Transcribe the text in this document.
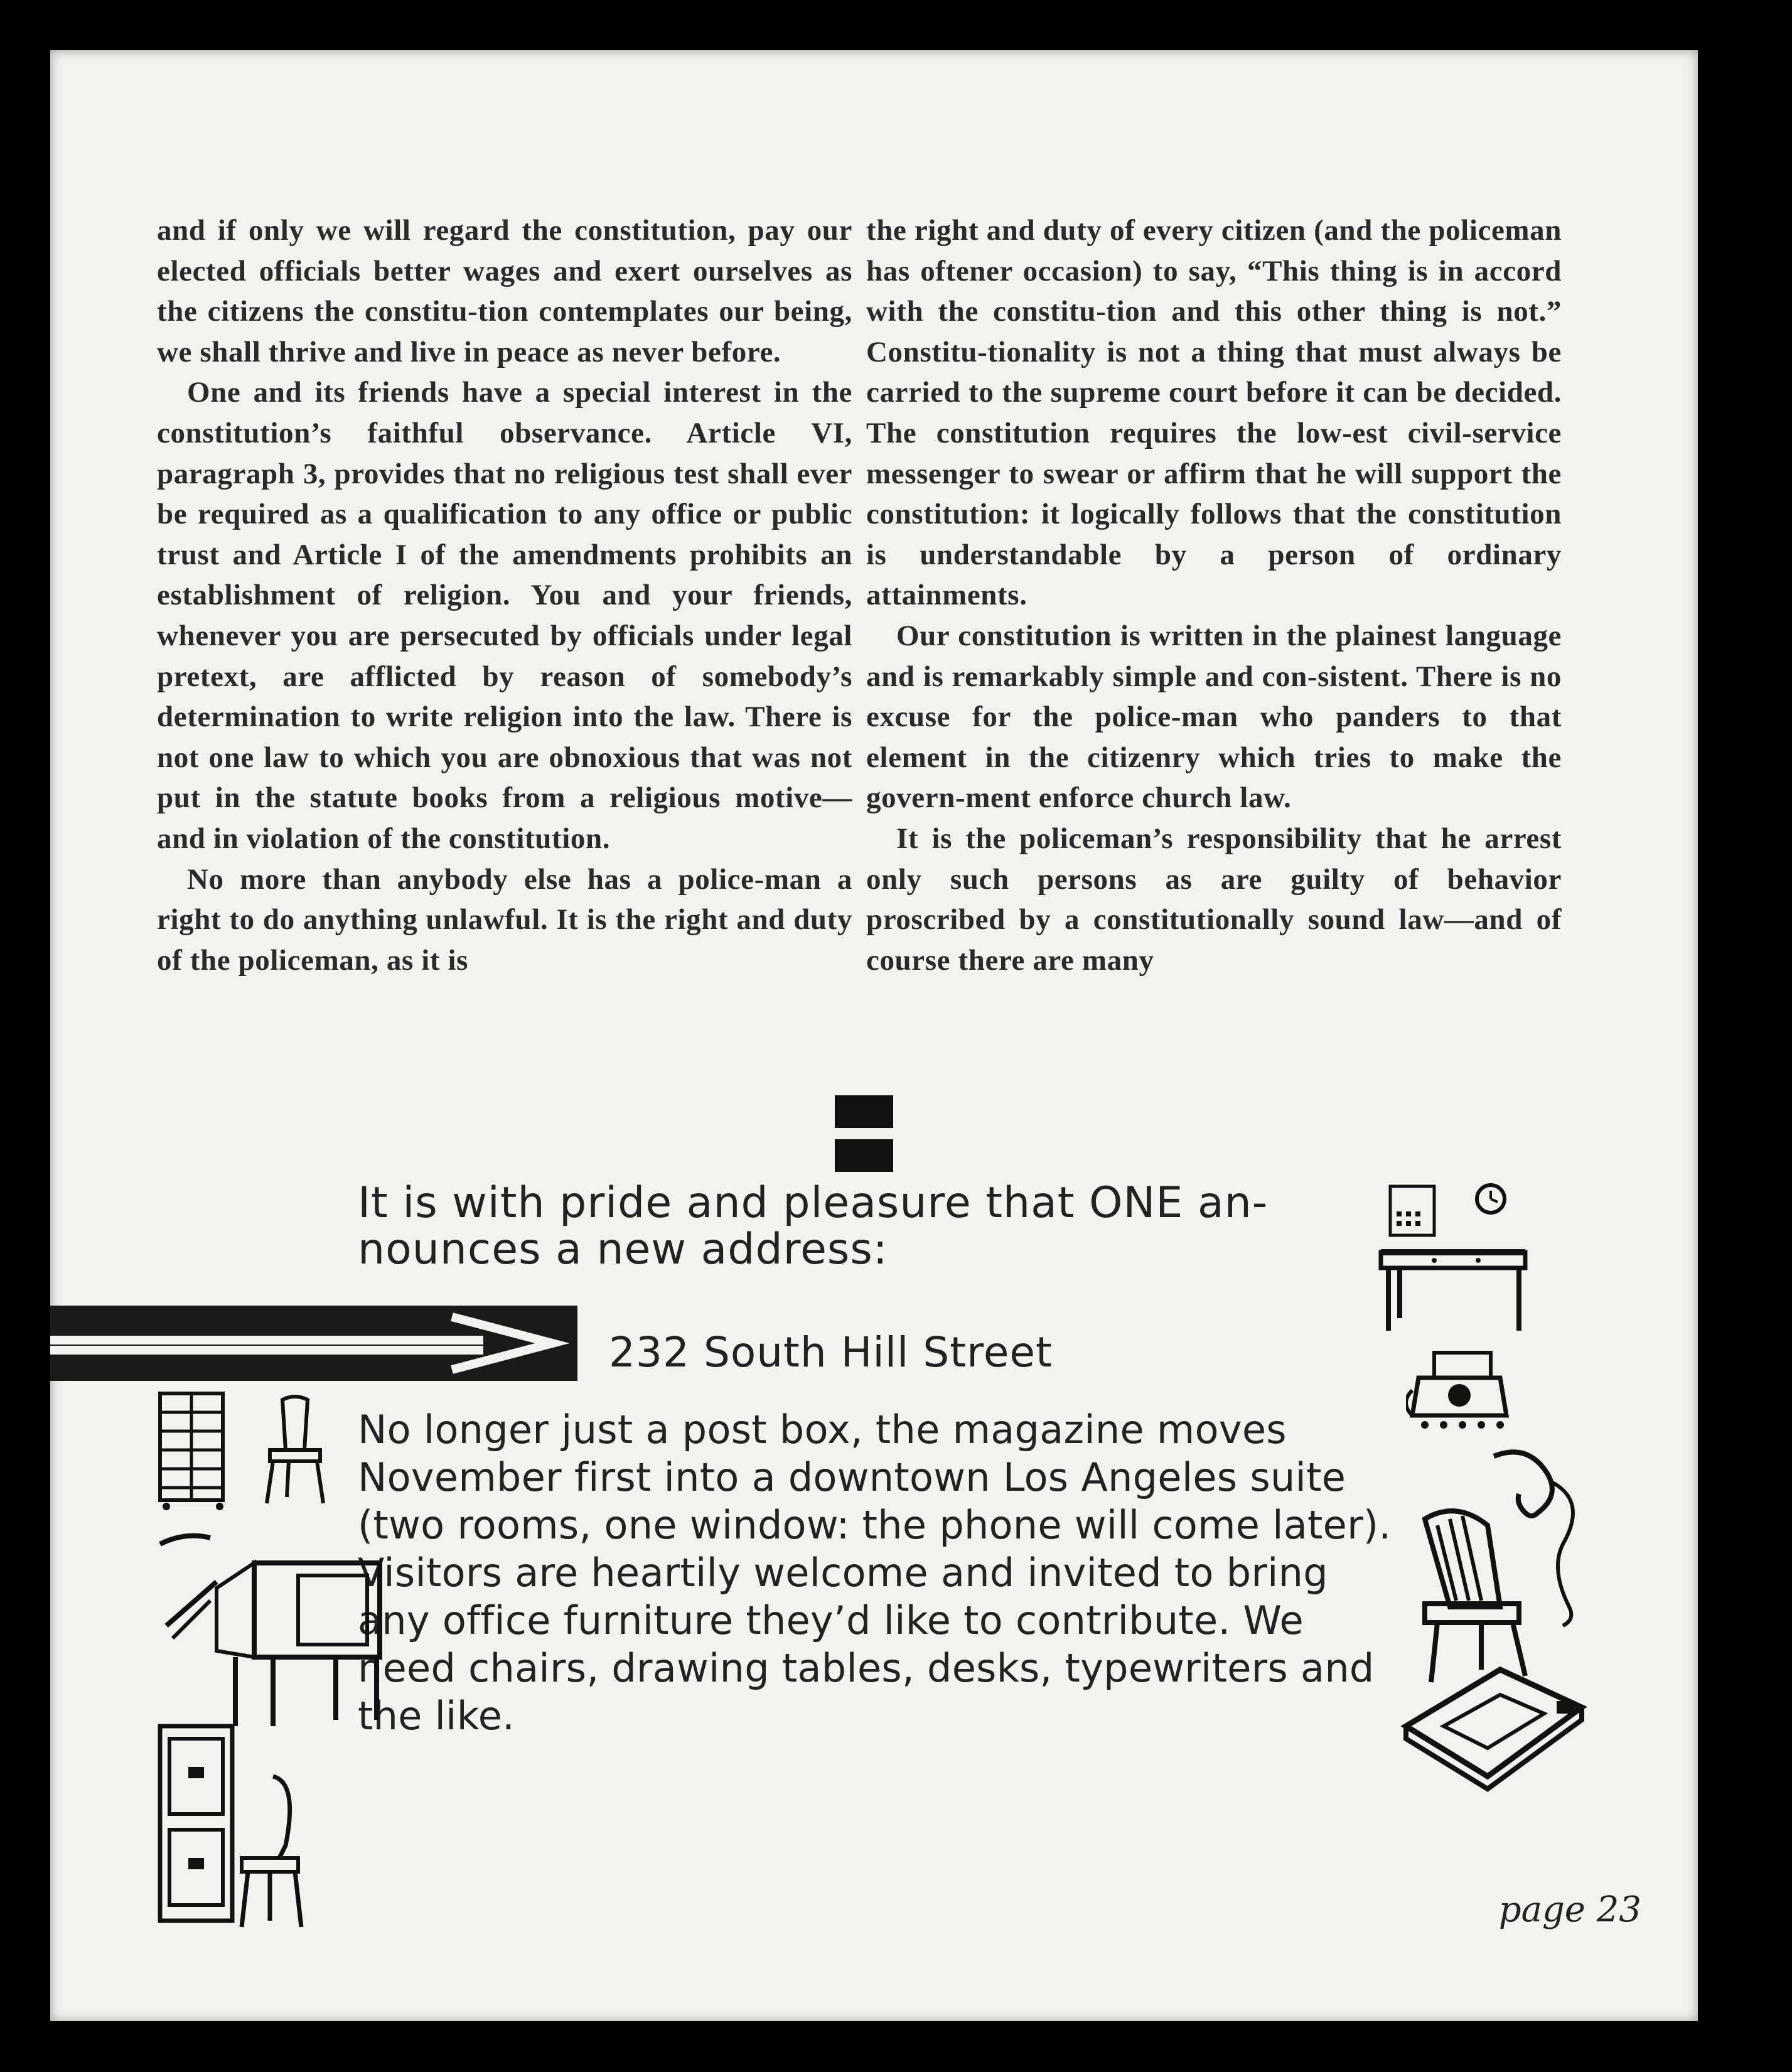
and if only we will regard the constitution, pay our elected officials better wages and exert ourselves as the citizens the constitu-tion contemplates our being, we shall thrive and live in peace as never before.

One and its friends have a special interest in the constitution’s faithful observance. Article VI, paragraph 3, provides that no religious test shall ever be required as a qualification to any office or public trust and Article I of the amendments prohibits an establishment of religion. You and your friends, whenever you are persecuted by officials under legal pretext, are afflicted by reason of somebody’s determination to write religion into the law. There is not one law to which you are obnoxious that was not put in the statute books from a religious motive— and in violation of the constitution.

No more than anybody else has a police-man a right to do anything unlawful. It is the right and duty of the policeman, as it is

the right and duty of every citizen (and the policeman has oftener occasion) to say, “This thing is in accord with the constitu-tion and this other thing is not.” Constitu-tionality is not a thing that must always be carried to the supreme court before it can be decided. The constitution requires the low-est civil-service messenger to swear or affirm that he will support the constitution: it logically follows that the constitution is understandable by a person of ordinary attainments.

Our constitution is written in the plainest language and is remarkably simple and con-sistent. There is no excuse for the police-man who panders to that element in the citizenry which tries to make the govern-ment enforce church law.

It is the policeman’s responsibility that he arrest only such persons as are guilty of behavior proscribed by a constitutionally sound law—and of course there are many

It is with pride and pleasure that ONE an-nounces a new address:
232 South Hill Street
No longer just a post box, the magazine moves November first into a downtown Los Angeles suite (two rooms, one window: the phone will come later). Visitors are heartily welcome and invited to bring any office furniture they’d like to contribute. We need chairs, drawing tables, desks, typewriters and the like.
page 23
